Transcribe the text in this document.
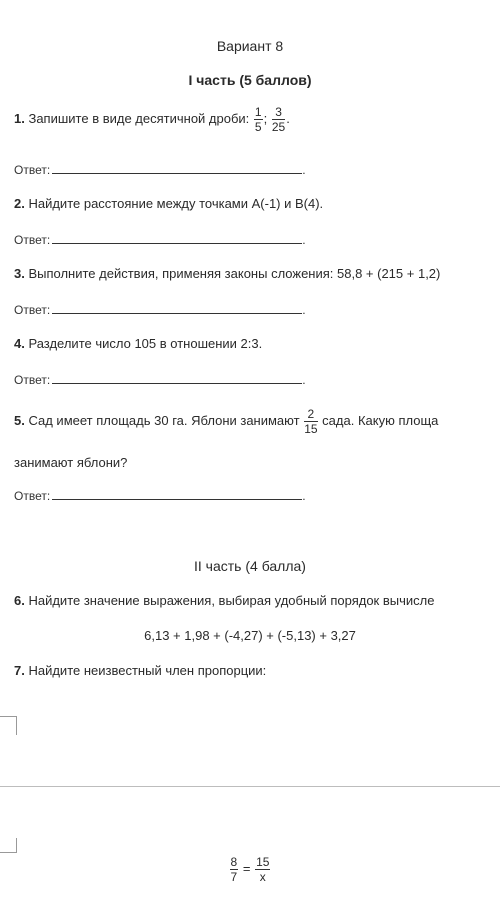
Вариант 8
I часть (5 баллов)
1. Запишите в виде десятичной дроби: $\frac{1}{5}$ ; $\frac{3}{25}$ .
Ответ:	.
2. Найдите расстояние между точками А(-1) и В(4).
Ответ:	.
3. Выполните действия, применяя законы сложения: 58,8 + (215 + 1,2)
Ответ:	.
4. Разделите число 105 в отношении 2:3.
Ответ:	.
5. Сад имеет площадь 30 га. Яблони занимают $\frac{2}{15}$ сада. Какую площа
занимают яблони?
Ответ:	.
II часть (4 балла)
6. Найдите значение выражения, выбирая удобный порядок вычисле
6,13 + 1,98 + (-4,27) + (-5,13) + 3,27
7. Найдите неизвестный член пропорции:
$\frac{8}{7} = \frac{15}{x}$
